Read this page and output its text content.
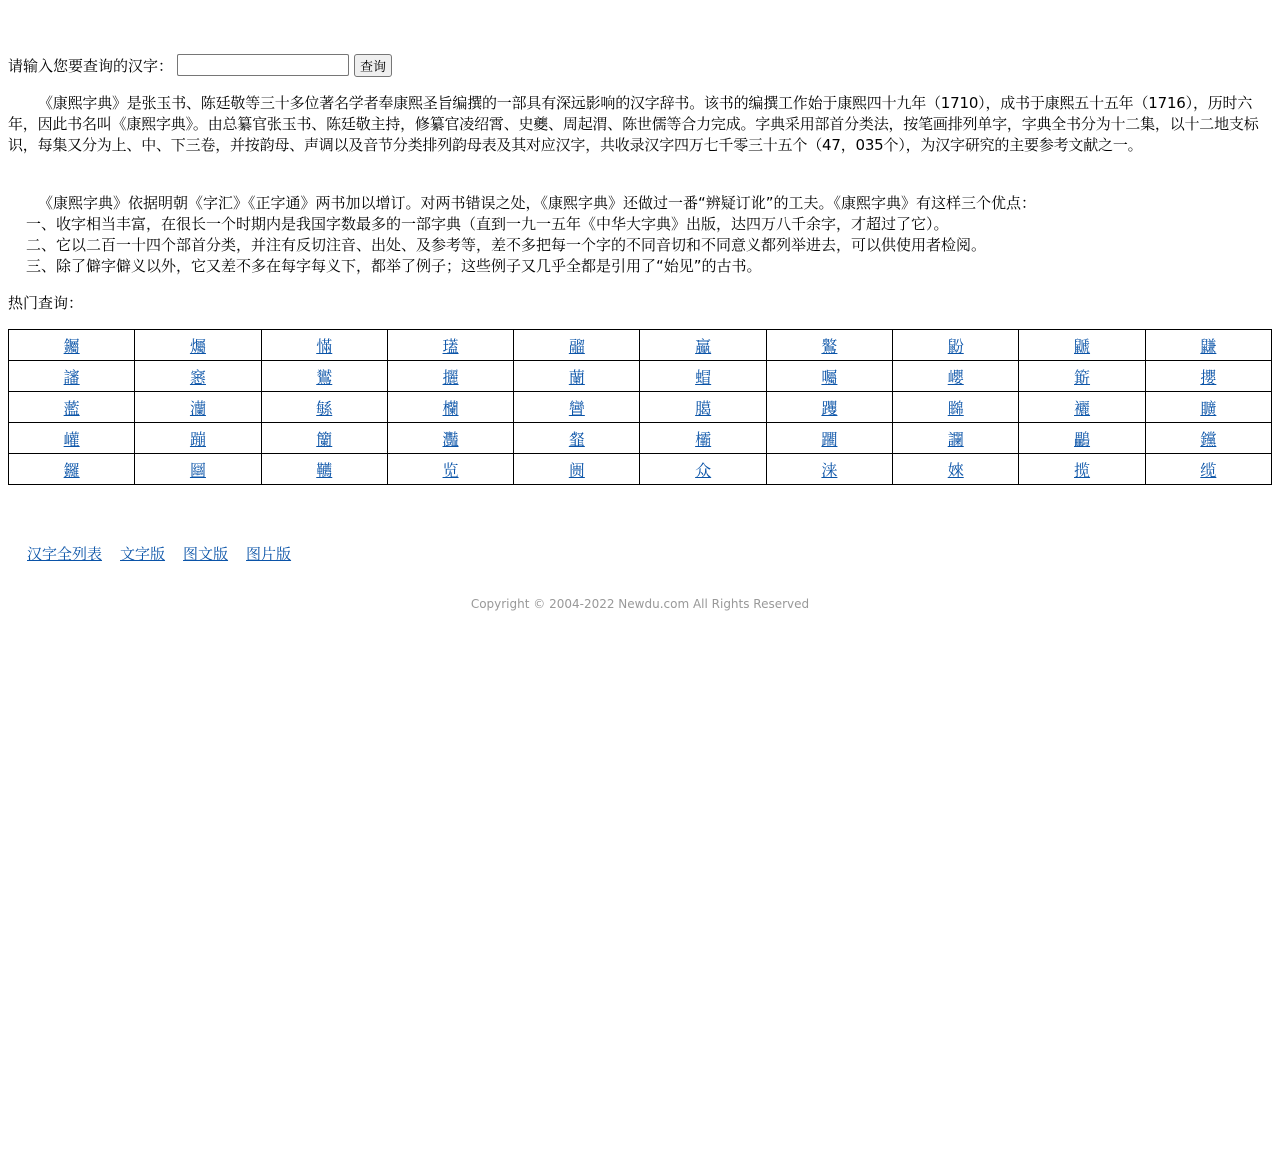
请输入您要查询的汉字：	查询

《康熙字典》是张玉书、陈廷敬等三十多位著名学者奉康熙圣旨编撰的一部具有深远影响的汉字辞书。该书的编撰工作始于康熙四十九年（1710），成书于康熙五十五年（1716），历时六年，因此书名叫《康熙字典》。由总纂官张玉书、陈廷敬主持，修纂官凌绍霄、史夔、周起渭、陈世儒等合力完成。字典采用部首分类法，按笔画排列单字，字典全书分为十二集，以十二地支标识，每集又分为上、中、下三卷，并按韵母、声调以及音节分类排列韵母表及其对应汉字，共收录汉字四万七千零三十五个（47，035个），为汉字研究的主要参考文献之一。

《康熙字典》依据明朝《字汇》《正字通》两书加以增订。对两书错误之处，《康熙字典》还做过一番“辨疑订讹”的工夫。《康熙字典》有这样三个优点：
一、收字相当丰富，在很长一个时期内是我国字数最多的一部字典（直到一九一五年《中华大字典》出版，达四万八千余字，才超过了它）。
二、它以二百一十四个部首分类，并注有反切注音、出处、及参考等，差不多把每一个字的不同音切和不同意义都列举进去，可以供使用者检阅。
三、除了僻字僻义以外，它又差不多在每字每义下，都举了例子；这些例子又几乎全都是引用了“始见”的古书。
热门查询：
钃	爥	慲	瓂	鬸	鸁	鸄	鼢	鼶	鼸
讅	窸	鸑	攦	蘭	蝐	囑	巊	簛	攖
蘫	灡	緐	欗	矕	臈	躩	矊	襹	矌
巏	蹦	籣	灩	韰	欛	躙	讕	鸓	钂
鑼	圝	韉	览	阓	众	涞	婡	揽	缆
汉字全列表 文字版 图文版 图片版
Copyright © 2004-2022 Newdu.com All Rights Reserved
